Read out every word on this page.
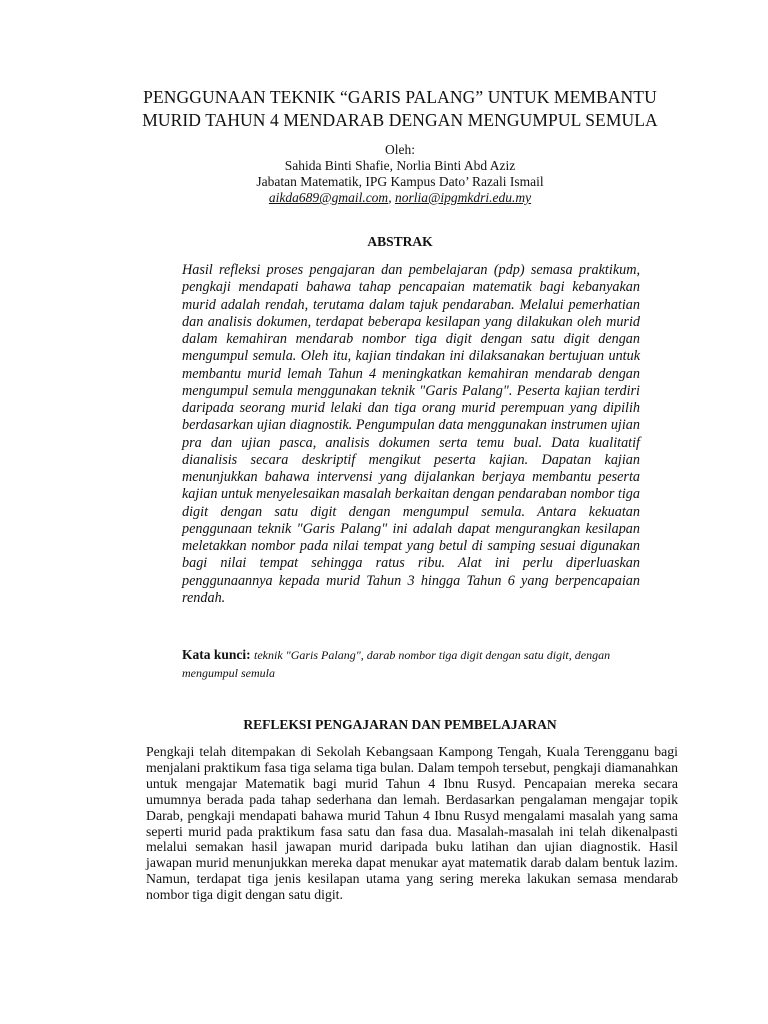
PENGGUNAAN TEKNIK “GARIS PALANG” UNTUK MEMBANTU
MURID TAHUN 4 MENDARAB DENGAN MENGUMPUL SEMULA
Oleh:
Sahida Binti Shafie, Norlia Binti Abd Aziz
Jabatan Matematik, IPG Kampus Dato’ Razali Ismail
aikda689@gmail.com, norlia@ipgmkdri.edu.my
ABSTRAK
Hasil refleksi proses pengajaran dan pembelajaran (pdp) semasa praktikum, pengkaji mendapati bahawa tahap pencapaian matematik bagi kebanyakan murid adalah rendah, terutama dalam tajuk pendaraban. Melalui pemerhatian dan analisis dokumen, terdapat beberapa kesilapan yang dilakukan oleh murid dalam kemahiran mendarab nombor tiga digit dengan satu digit dengan mengumpul semula. Oleh itu, kajian tindakan ini dilaksanakan bertujuan untuk membantu murid lemah Tahun 4 meningkatkan kemahiran mendarab dengan mengumpul semula menggunakan teknik "Garis Palang". Peserta kajian terdiri daripada seorang murid lelaki dan tiga orang murid perempuan yang dipilih berdasarkan ujian diagnostik. Pengumpulan data menggunakan instrumen ujian pra dan ujian pasca, analisis dokumen serta temu bual. Data kualitatif dianalisis secara deskriptif mengikut peserta kajian. Dapatan kajian menunjukkan bahawa intervensi yang dijalankan berjaya membantu peserta kajian untuk menyelesaikan masalah berkaitan dengan pendaraban nombor tiga digit dengan satu digit dengan mengumpul semula. Antara kekuatan penggunaan teknik "Garis Palang" ini adalah dapat mengurangkan kesilapan meletakkan nombor pada nilai tempat yang betul di samping sesuai digunakan bagi nilai tempat sehingga ratus ribu. Alat ini perlu diperluaskan penggunaannya kepada murid Tahun 3 hingga Tahun 6 yang berpencapaian rendah.
Kata kunci: teknik "Garis Palang", darab nombor tiga digit dengan satu digit, dengan mengumpul semula
REFLEKSI PENGAJARAN DAN PEMBELAJARAN
Pengkaji telah ditempakan di Sekolah Kebangsaan Kampong Tengah, Kuala Terengganu bagi menjalani praktikum fasa tiga selama tiga bulan. Dalam tempoh tersebut, pengkaji diamanahkan untuk mengajar Matematik bagi murid Tahun 4 Ibnu Rusyd. Pencapaian mereka secara umumnya berada pada tahap sederhana dan lemah. Berdasarkan pengalaman mengajar topik Darab, pengkaji mendapati bahawa murid Tahun 4 Ibnu Rusyd mengalami masalah yang sama seperti murid pada praktikum fasa satu dan fasa dua. Masalah-masalah ini telah dikenalpasti melalui semakan hasil jawapan murid daripada buku latihan dan ujian diagnostik. Hasil jawapan murid menunjukkan mereka dapat menukar ayat matematik darab dalam bentuk lazim. Namun, terdapat tiga jenis kesilapan utama yang sering mereka lakukan semasa mendarab nombor tiga digit dengan satu digit.
